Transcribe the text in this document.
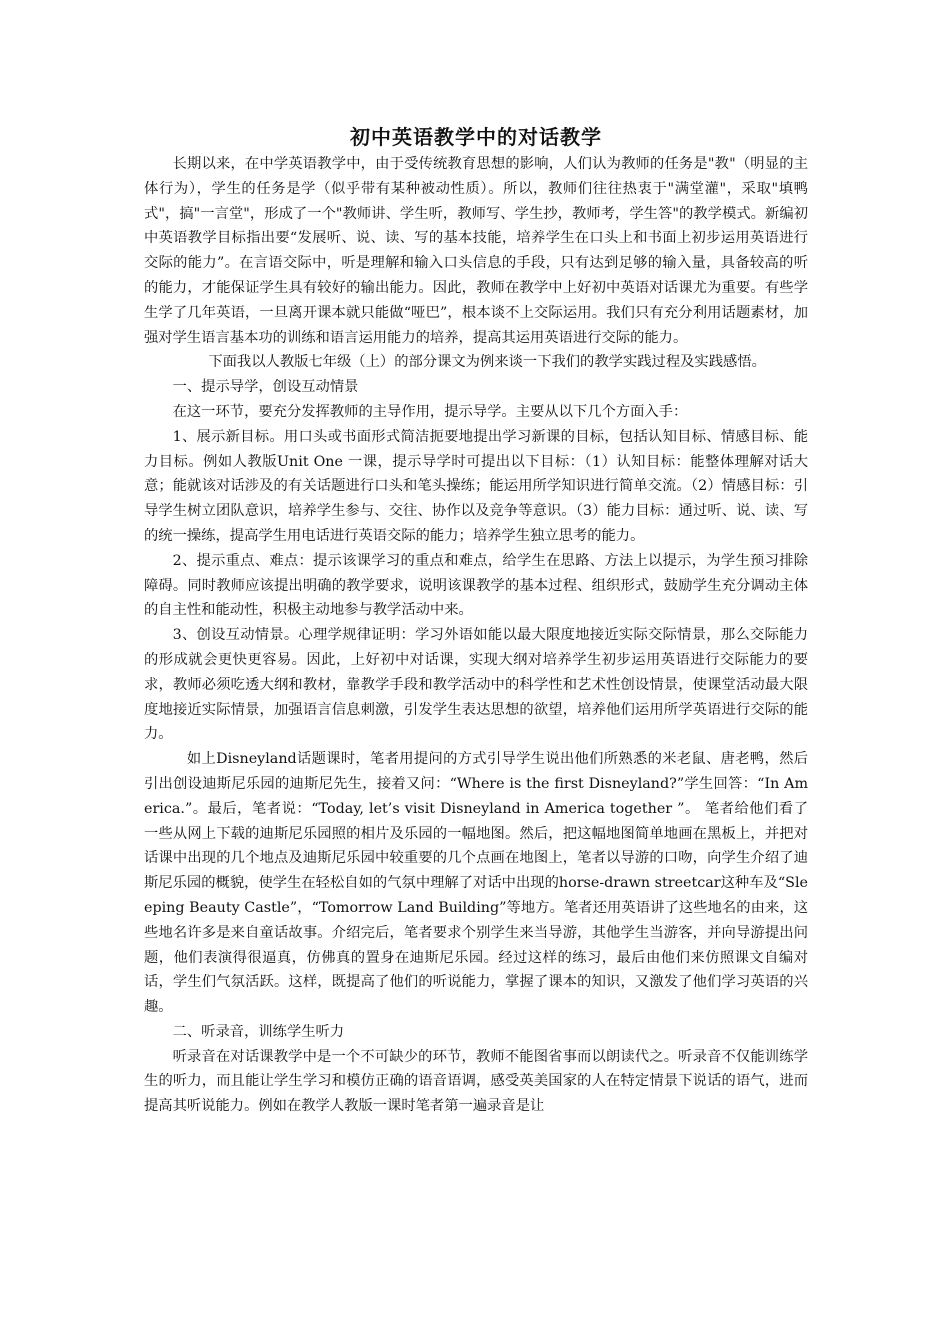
初中英语教学中的对话教学

长期以来，在中学英语教学中，由于受传统教育思想的影响，人们认为教师的任务是"教"（明显的主体行为），学生的任务是学（似乎带有某种被动性质）。所以，教师们往往热衷于"满堂灌"，采取"填鸭式"，搞"一言堂"，形成了一个"教师讲、学生听，教师写、学生抄，教师考，学生答"的教学模式。新编初中英语教学目标指出要“发展听、说、读、写的基本技能，培养学生在口头上和书面上初步运用英语进行交际的能力”。在言语交际中，听是理解和输入口头信息的手段，只有达到足够的输入量，具备较高的听的能力，才能保证学生具有较好的输出能力。因此，教师在教学中上好初中英语对话课尤为重要。有些学生学了几年英语，一旦离开课本就只能做“哑巴”，根本谈不上交际运用。我们只有充分利用话题素材，加强对学生语言基本功的训练和语言运用能力的培养，提高其运用英语进行交际的能力。

下面我以人教版七年级（上）的部分课文为例来谈一下我们的教学实践过程及实践感悟。

一、提示导学，创设互动情景

在这一环节，要充分发挥教师的主导作用，提示导学。主要从以下几个方面入手：

1、展示新目标。用口头或书面形式简洁扼要地提出学习新课的目标，包括认知目标、情感目标、能力目标。例如人教版Unit One 一课，提示导学时可提出以下目标：（1）认知目标：能整体理解对话大意；能就该对话涉及的有关话题进行口头和笔头操练；能运用所学知识进行简单交流。（2）情感目标：引导学生树立团队意识，培养学生参与、交往、协作以及竞争等意识。（3）能力目标：通过听、说、读、写的统一操练，提高学生用电话进行英语交际的能力；培养学生独立思考的能力。

2、提示重点、难点：提示该课学习的重点和难点，给学生在思路、方法上以提示，为学生预习排除障碍。同时教师应该提出明确的教学要求，说明该课教学的基本过程、组织形式，鼓励学生充分调动主体的自主性和能动性，积极主动地参与教学活动中来。

3、创设互动情景。心理学规律证明：学习外语如能以最大限度地接近实际交际情景，那么交际能力的形成就会更快更容易。因此，上好初中对话课，实现大纲对培养学生初步运用英语进行交际能力的要求，教师必须吃透大纲和教材，靠教学手段和教学活动中的科学性和艺术性创设情景，使课堂活动最大限度地接近实际情景，加强语言信息刺激，引发学生表达思想的欲望，培养他们运用所学英语进行交际的能力。

如上Disneyland话题课时，笔者用提问的方式引导学生说出他们所熟悉的米老鼠、唐老鸭，然后引出创设迪斯尼乐园的迪斯尼先生，接着又问：“Where is the first Disneyland?”学生回答：“In America.”。最后，笔者说：“Today, let’s visit Disneyland in America together ”。 笔者给他们看了一些从网上下载的迪斯尼乐园照的相片及乐园的一幅地图。然后，把这幅地图简单地画在黑板上，并把对话课中出现的几个地点及迪斯尼乐园中较重要的几个点画在地图上，笔者以导游的口吻，向学生介绍了迪斯尼乐园的概貌，使学生在轻松自如的气氛中理解了对话中出现的horse-drawn streetcar这种车及“Sleeping Beauty Castle”，“Tomorrow Land Building”等地方。笔者还用英语讲了这些地名的由来，这些地名许多是来自童话故事。介绍完后，笔者要求个别学生来当导游，其他学生当游客，并向导游提出问题，他们表演得很逼真，仿佛真的置身在迪斯尼乐园。经过这样的练习，最后由他们来仿照课文自编对话，学生们气氛活跃。这样，既提高了他们的听说能力，掌握了课本的知识，又激发了他们学习英语的兴趣。

二、听录音，训练学生听力

听录音在对话课教学中是一个不可缺少的环节，教师不能图省事而以朗读代之。听录音不仅能训练学生的听力，而且能让学生学习和模仿正确的语音语调，感受英美国家的人在特定情景下说话的语气，进而提高其听说能力。例如在教学人教版一课时笔者第一遍录音是让
